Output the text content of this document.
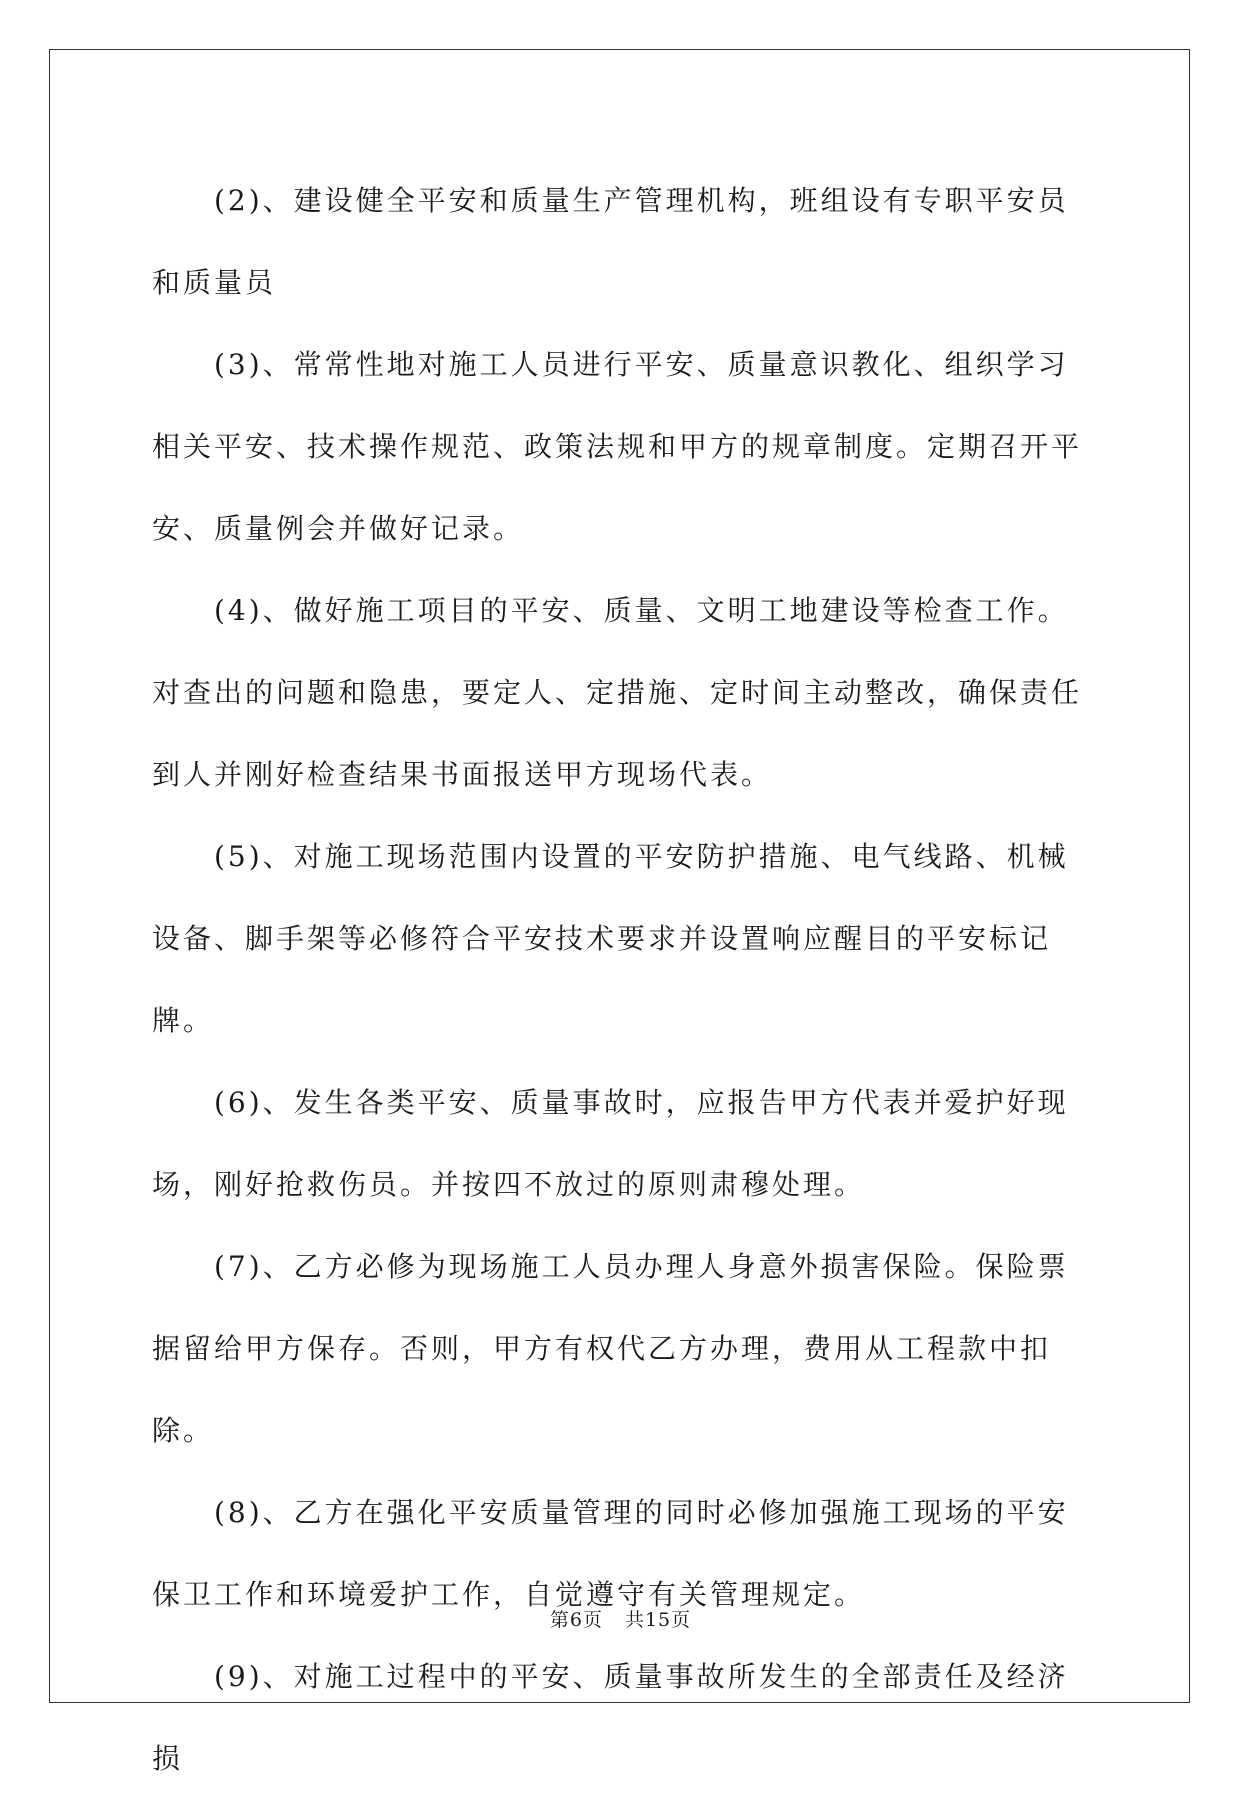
(2)、建设健全平安和质量生产管理机构，班组设有专职平安员和质量员

(3)、常常性地对施工人员进行平安、质量意识教化、组织学习相关平安、技术操作规范、政策法规和甲方的规章制度。定期召开平安、质量例会并做好记录。

(4)、做好施工项目的平安、质量、文明工地建设等检查工作。对查出的问题和隐患，要定人、定措施、定时间主动整改，确保责任到人并刚好检查结果书面报送甲方现场代表。

(5)、对施工现场范围内设置的平安防护措施、电气线路、机械设备、脚手架等必修符合平安技术要求并设置响应醒目的平安标记牌。

(6)、发生各类平安、质量事故时，应报告甲方代表并爱护好现场，刚好抢救伤员。并按四不放过的原则肃穆处理。

(7)、乙方必修为现场施工人员办理人身意外损害保险。保险票据留给甲方保存。否则，甲方有权代乙方办理，费用从工程款中扣除。

(8)、乙方在强化平安质量管理的同时必修加强施工现场的平安保卫工作和环境爱护工作，自觉遵守有关管理规定。

(9)、对施工过程中的平安、质量事故所发生的全部责任及经济损

第6页 共15页
